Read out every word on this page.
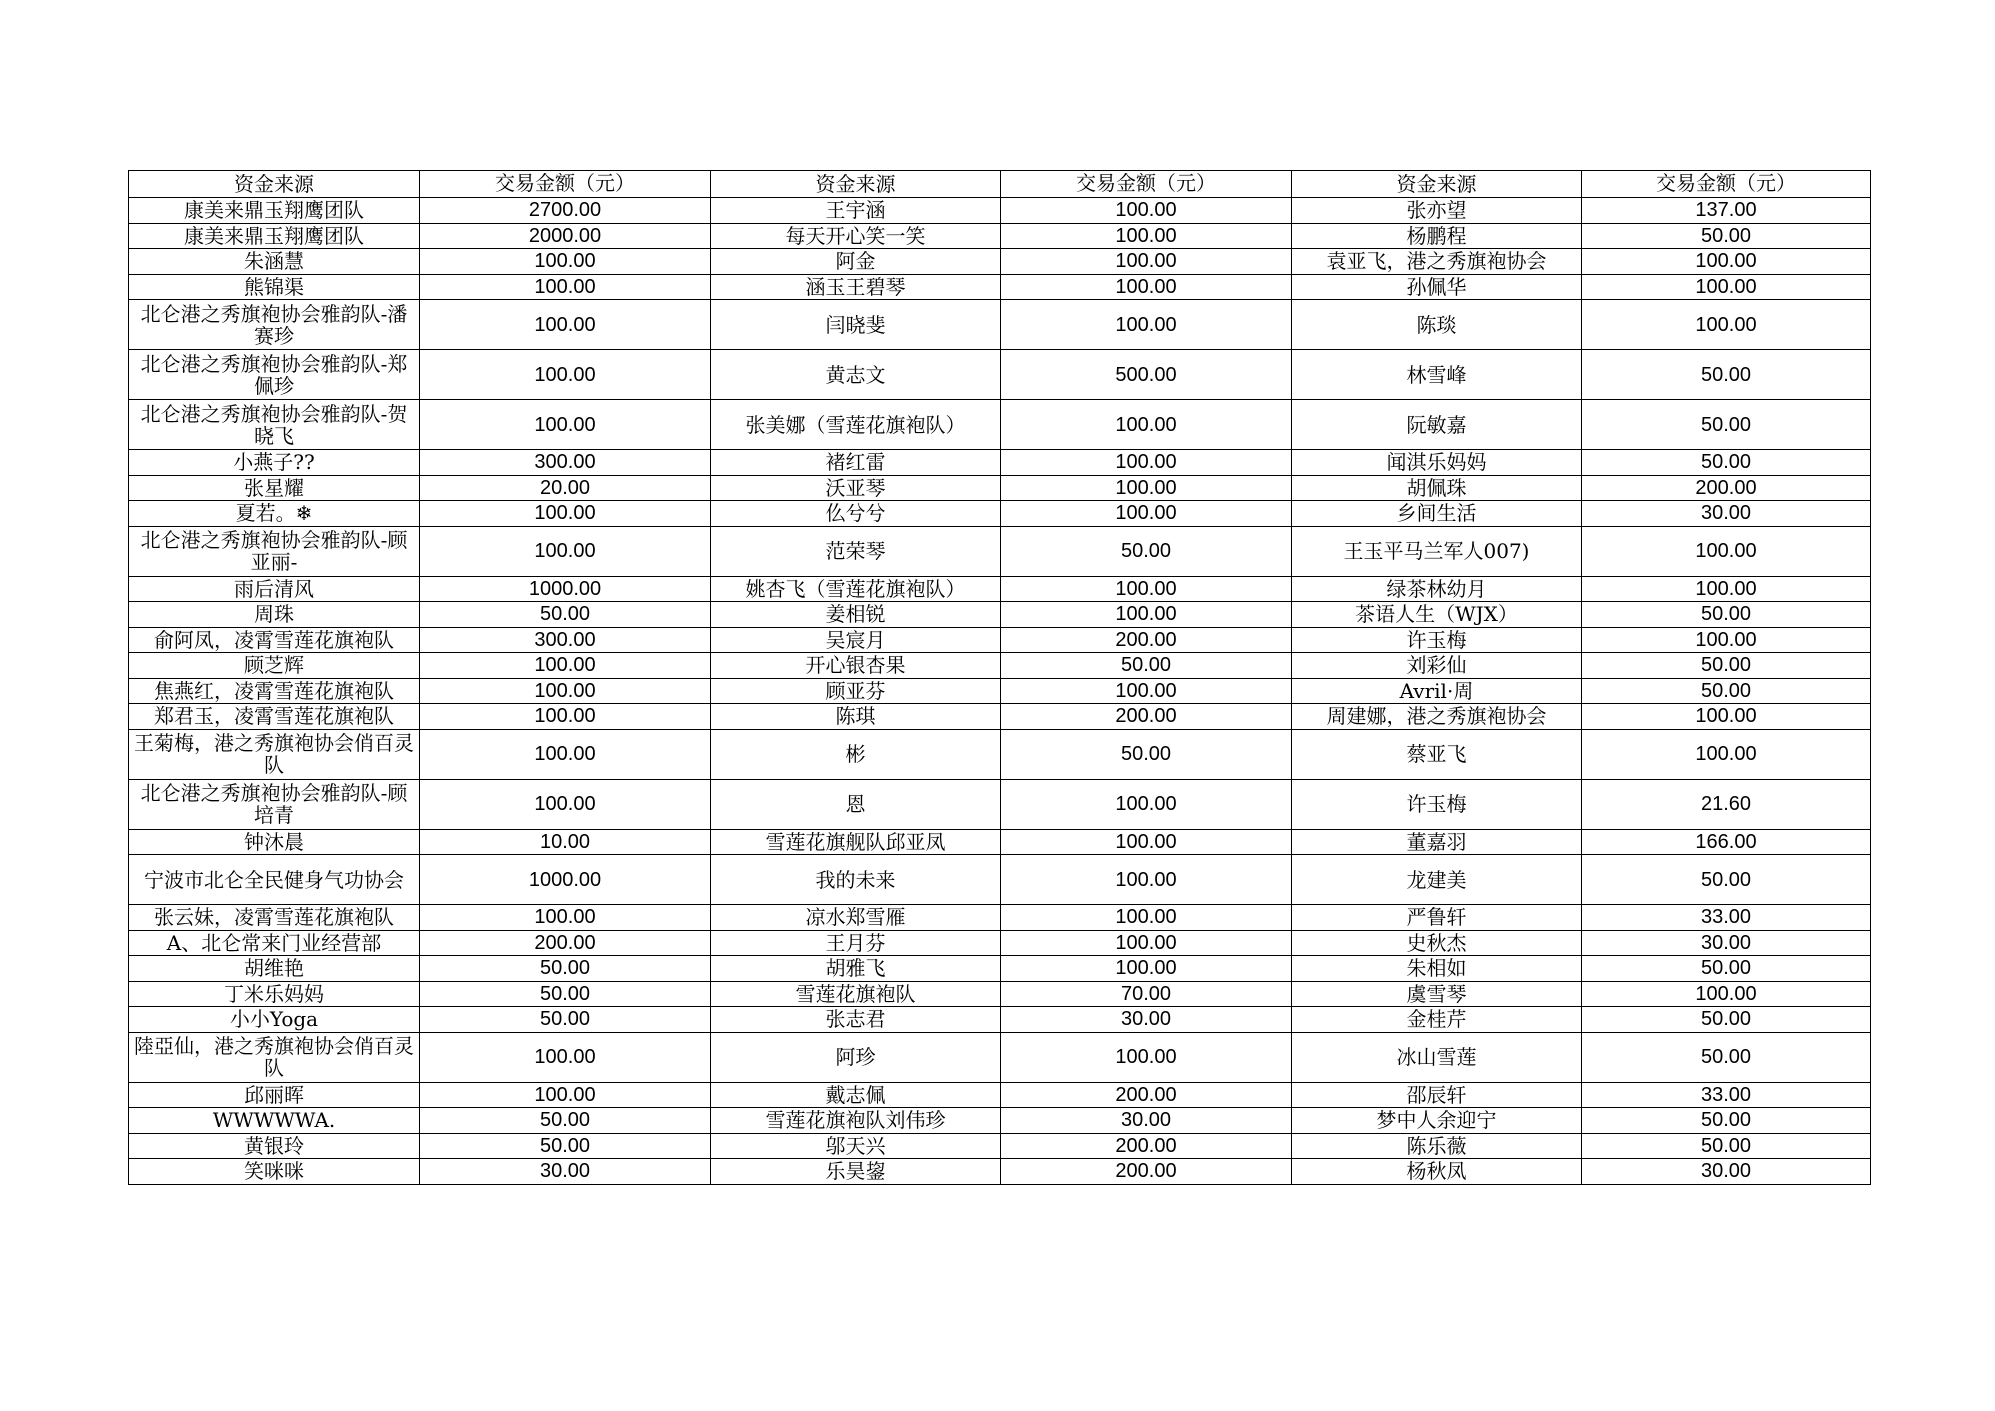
资金来源	交易金额（元）	资金来源	交易金额（元）	资金来源	交易金额（元）
康美来鼎玉翔鹰团队	2700.00	王宇涵	100.00	张亦望	137.00
康美来鼎玉翔鹰团队	2000.00	每天开心笑一笑	100.00	杨鹏程	50.00
朱涵慧	100.00	阿金	100.00	袁亚飞，港之秀旗袍协会	100.00
熊锦渠	100.00	涵玉王碧琴	100.00	孙佩华	100.00
北仑港之秀旗袍协会雅韵队-潘赛珍	100.00	闫晓斐	100.00	陈琰	100.00
北仑港之秀旗袍协会雅韵队-郑佩珍	100.00	黄志文	500.00	林雪峰	50.00
北仑港之秀旗袍协会雅韵队-贺晓飞	100.00	张美娜（雪莲花旗袍队）	100.00	阮敏嘉	50.00
小燕子??	300.00	褚红雷	100.00	闻淇乐妈妈	50.00
张星耀	20.00	沃亚琴	100.00	胡佩珠	200.00
夏若。❄	100.00	仫兮兮	100.00	乡间生活	30.00
北仑港之秀旗袍协会雅韵队-顾亚丽-	100.00	范荣琴	50.00	王玉平马兰军人007)	100.00
雨后清风	1000.00	姚杏飞（雪莲花旗袍队）	100.00	绿茶林幼月	100.00
周珠	50.00	姜相锐	100.00	茶语人生（WJX）	50.00
俞阿凤，凌霄雪莲花旗袍队	300.00	吴宸月	200.00	许玉梅	100.00
顾芝辉	100.00	开心银杏果	50.00	刘彩仙	50.00
焦燕红，凌霄雪莲花旗袍队	100.00	顾亚芬	100.00	Avril·周	50.00
郑君玉，凌霄雪莲花旗袍队	100.00	陈琪	200.00	周建娜，港之秀旗袍协会	100.00
王菊梅，港之秀旗袍协会俏百灵队	100.00	彬	50.00	蔡亚飞	100.00
北仑港之秀旗袍协会雅韵队-顾培青	100.00	恩	100.00	许玉梅	21.60
钟沐晨	10.00	雪莲花旗舰队邱亚凤	100.00	董嘉羽	166.00
宁波市北仑全民健身气功协会	1000.00	我的未来	100.00	龙建美	50.00
张云妹，凌霄雪莲花旗袍队	100.00	凉水郑雪雁	100.00	严鲁轩	33.00
A、北仑常来门业经营部	200.00	王月芬	100.00	史秋杰	30.00
胡维艳	50.00	胡雅飞	100.00	朱相如	50.00
丁米乐妈妈	50.00	雪莲花旗袍队	70.00	虞雪琴	100.00
小小Yoga	50.00	张志君	30.00	金桂芹	50.00
陸亞仙，港之秀旗袍协会俏百灵队	100.00	阿珍	100.00	冰山雪莲	50.00
邱丽晖	100.00	戴志佩	200.00	邵辰轩	33.00
WWWWWA.	50.00	雪莲花旗袍队刘伟珍	30.00	梦中人余迎宁	50.00
黄银玲	50.00	邬天兴	200.00	陈乐薇	50.00
笑咪咪	30.00	乐昊鋆	200.00	杨秋凤	30.00
